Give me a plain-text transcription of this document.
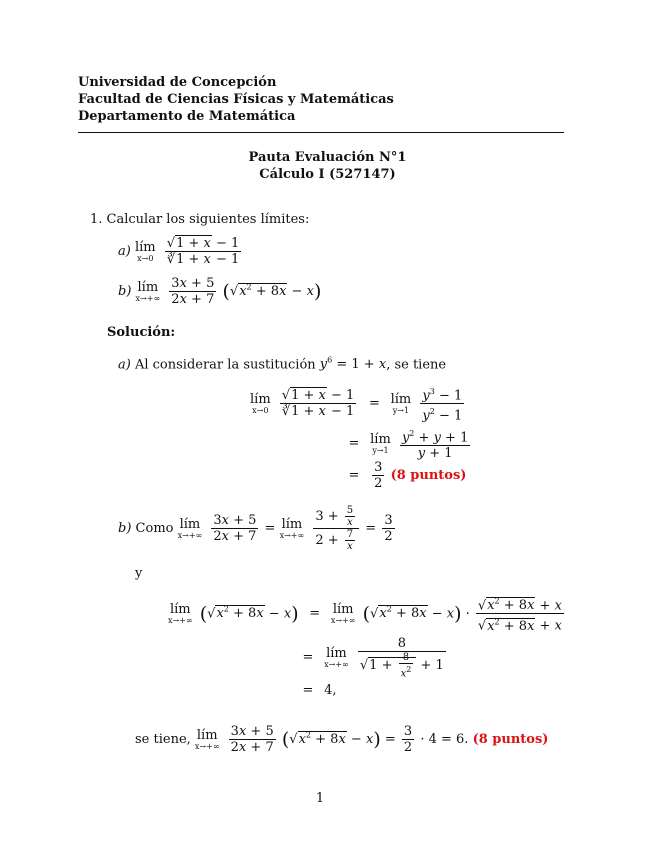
Universidad de Concepción
Facultad de Ciencias Físicas y Matemáticas
Departamento de Matemática
Pauta Evaluación N°1
Cálculo I (527147)
1. Calcular los siguientes límites:
a) lím
x→0
$\frac{√1 + x - 1}{∛1 + x - 1}$
b) lím
x→+∞
$\frac{3x + 5}{2x + 7} (√x^2 + 8x - x)$
Solución:
a) Al considerar la sustitución $y^6 = 1 + x$, se tiene
lím
x→0
$\frac{√1 + x - 1}{∛1 + x - 1}$ = lím
y→1
$\frac{y^3 - 1}{y^2 - 1}$
= lím
y→1
$\frac{y^2 + y + 1}{y + 1}$
= $\frac{3}{2} (8$ puntos)
b) Como lím
x→+∞
$\frac{3x + 5}{2x + 7}$ = lím
x→+∞
$\frac{3 + \frac{5}{x}}{2 + \frac{7}{x}} = \frac{3}{2}$
y
lím
x→+∞ $(√x^2 + 8x - x)$ = lím
x→+∞ $(√x^2 + 8x - x) \cdot \frac{√x^2 + 8x + x}{√x^2 + 8x + x}$
= lím
x→+∞
$\frac{8}{√1 + \frac{8}{x^2} + 1}$
= 4,
se tiene, lím
x→+∞
$\frac{3x + 5}{2x + 7} (√x^2 + 8x - x) = \frac{3}{2} \cdot 4 = 6$. (8 puntos)
1
